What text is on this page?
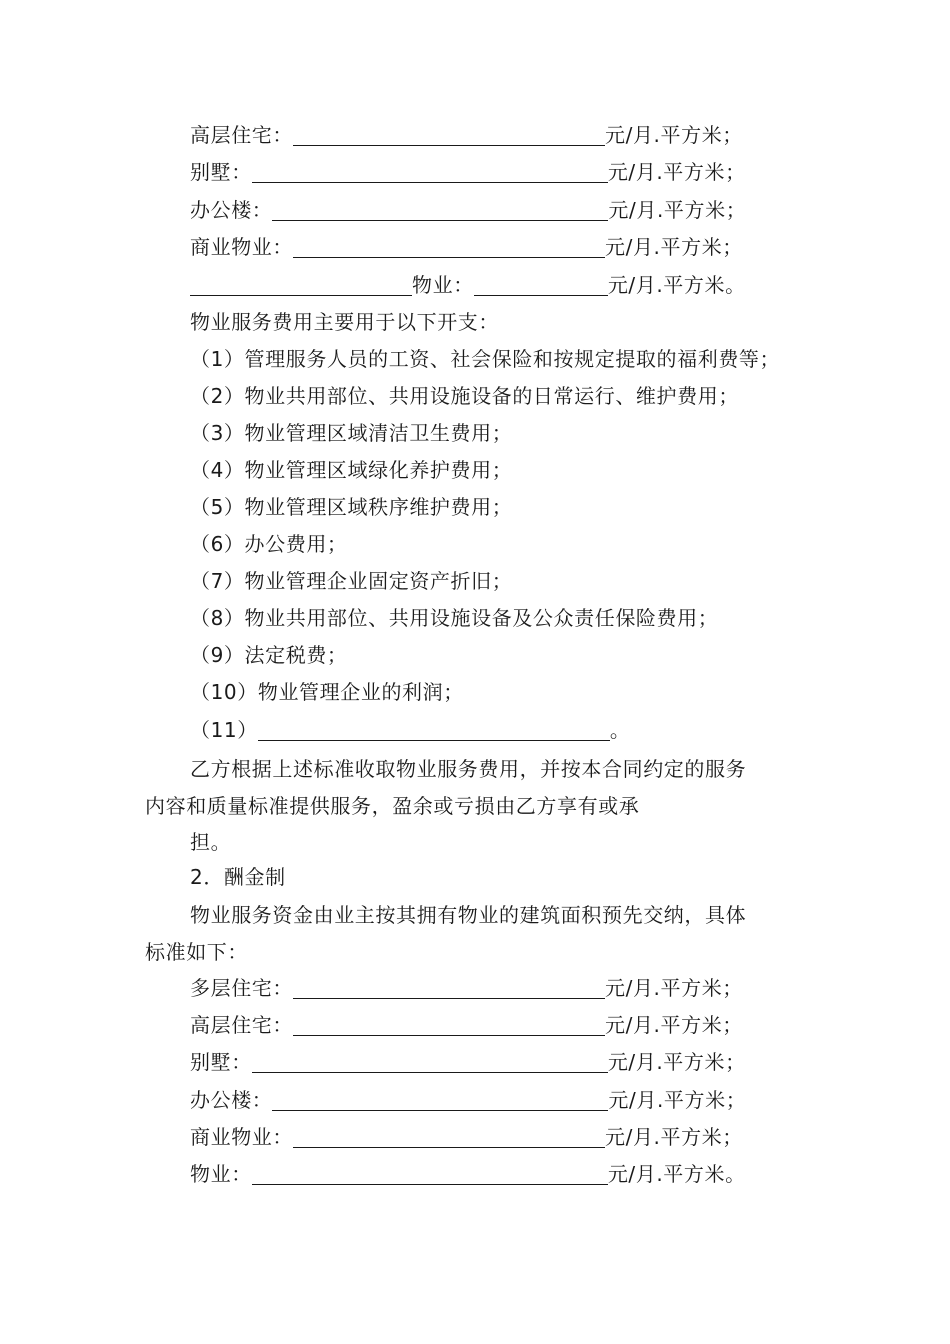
高层住宅：	元/月.平方米；
别墅：	元/月.平方米；
办公楼：	元/月.平方米；
商业物业：	元/月.平方米；
物业：	元/月.平方米。
物业服务费用主要用于以下开支：
（1）管理服务人员的工资、社会保险和按规定提取的福利费等；
（2）物业共用部位、共用设施设备的日常运行、维护费用；
（3）物业管理区域清洁卫生费用；
（4）物业管理区域绿化养护费用；
（5）物业管理区域秩序维护费用；
（6）办公费用；
（7）物业管理企业固定资产折旧；
（8）物业共用部位、共用设施设备及公众责任保险费用；
（9）法定税费；
（10）物业管理企业的利润；
（11）	。
乙方根据上述标准收取物业服务费用，并按本合同约定的服务
内容和质量标准提供服务，盈余或亏损由乙方享有或承
担。
2．酬金制
物业服务资金由业主按其拥有物业的建筑面积预先交纳，具体
标准如下：
多层住宅：	元/月.平方米；
高层住宅：	元/月.平方米；
别墅：	元/月.平方米；
办公楼：	元/月.平方米；
商业物业：	元/月.平方米；
物业：	元/月.平方米。
